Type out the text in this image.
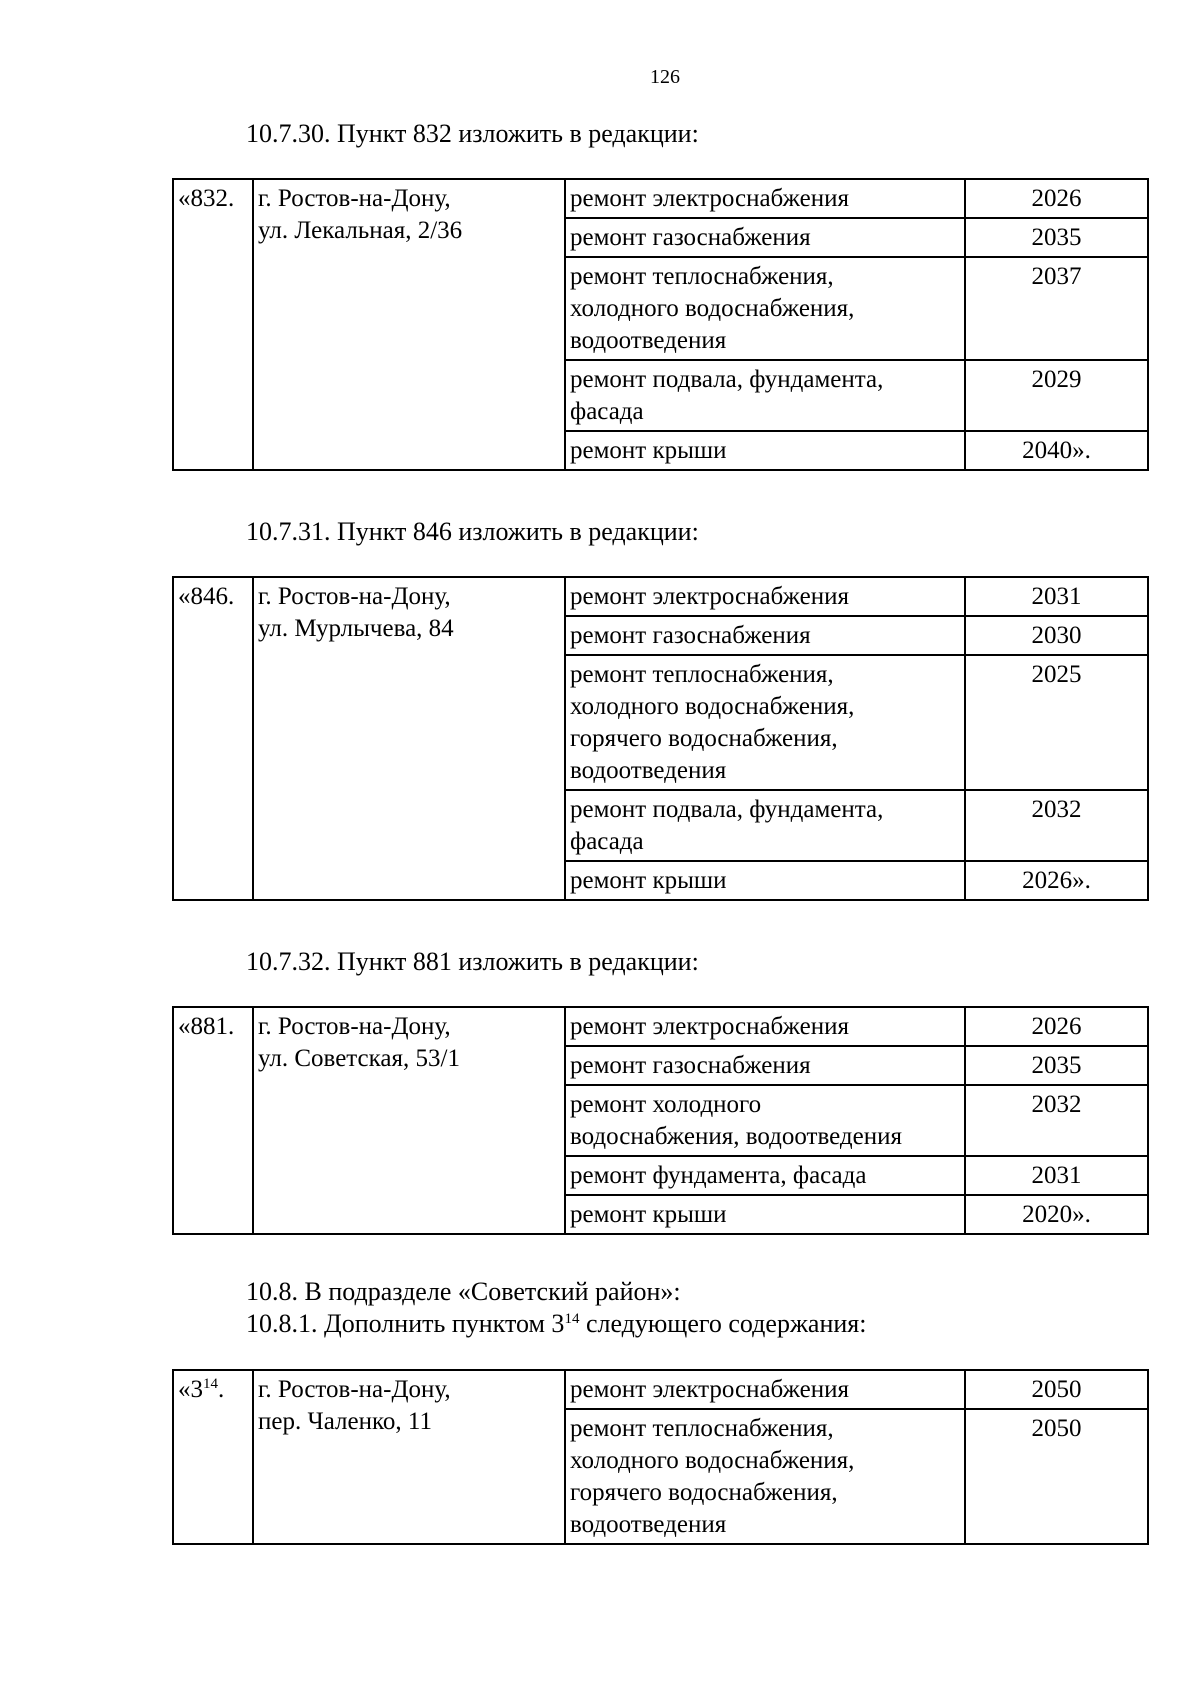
126
10.7.30. Пункт 832 изложить в редакции:
«832.	г. Ростов-на-Дону,
ул. Лекальная, 2/36	ремонт электроснабжения	2026

		ремонт газоснабжения	2035

		ремонт теплоснабжения,
холодного водоснабжения,
водоотведения	2037

		ремонт подвала, фундамента,
фасада	2029

		ремонт крыши	2040».
10.7.31. Пункт 846 изложить в редакции:
«846.	г. Ростов-на-Дону,
ул. Мурлычева, 84	ремонт электроснабжения	2031

		ремонт газоснабжения	2030

		ремонт теплоснабжения,
холодного водоснабжения,
горячего водоснабжения,
водоотведения	2025

		ремонт подвала, фундамента,
фасада	2032

		ремонт крыши	2026».
10.7.32. Пункт 881 изложить в редакции:
«881.	г. Ростов-на-Дону,
ул. Советская, 53/1	ремонт электроснабжения	2026

		ремонт газоснабжения	2035

		ремонт холодного
водоснабжения, водоотведения	2032

		ремонт фундамента, фасада	2031

		ремонт крыши	2020».
10.8. В подразделе «Советский район»:
10.8.1. Дополнить пунктом $3^{14}$ следующего содержания:
«$3^{14}$.	г. Ростов-на-Дону,
пер. Чаленко, 11	ремонт электроснабжения	2050

		ремонт теплоснабжения,
холодного водоснабжения,
горячего водоснабжения,
водоотведения	2050
